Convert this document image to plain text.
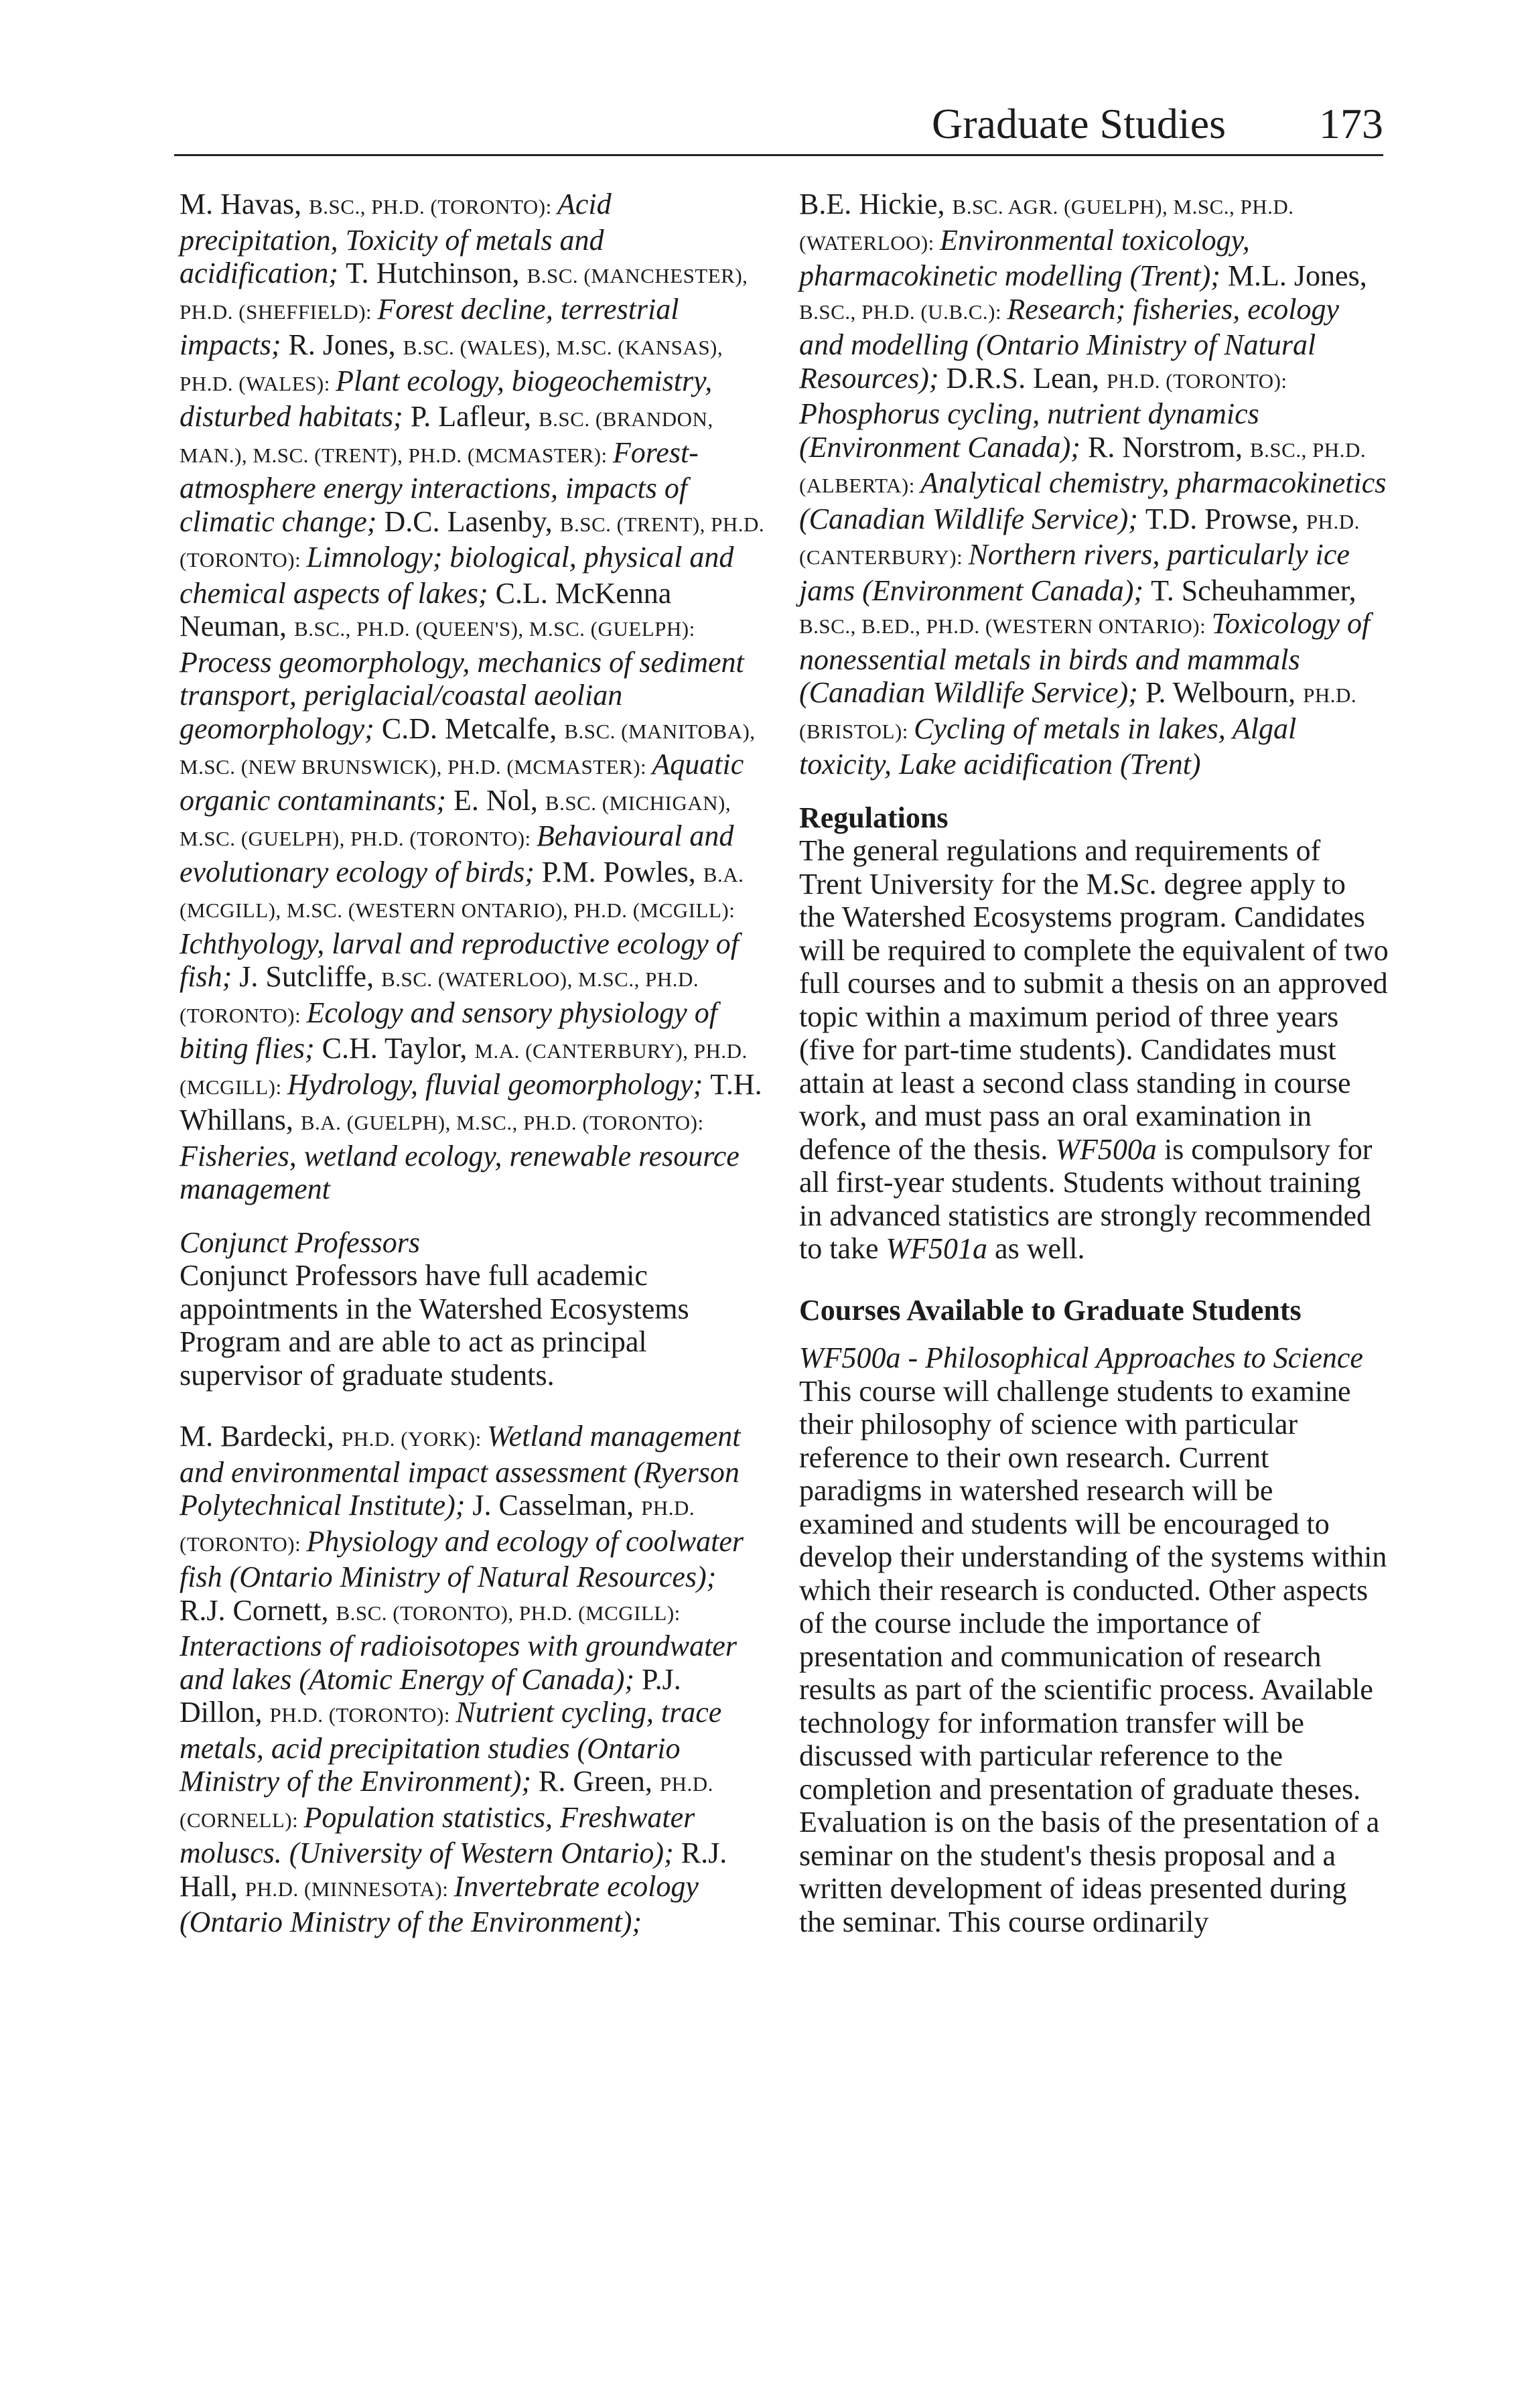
Graduate Studies 173

M. Havas, B.SC., PH.D. (TORONTO): Acid precipitation, Toxicity of metals and acidification; T. Hutchinson, B.SC. (MANCHESTER), PH.D. (SHEFFIELD): Forest decline, terrestrial impacts; R. Jones, B.SC. (WALES), M.SC. (KANSAS), PH.D. (WALES): Plant ecology, biogeochemistry, disturbed habitats; P. Lafleur, B.SC. (BRANDON, MAN.), M.SC. (TRENT), PH.D. (MCMASTER): Forest-atmosphere energy interactions, impacts of climatic change; D.C. Lasenby, B.SC. (TRENT), PH.D. (TORONTO): Limnology; biological, physical and chemical aspects of lakes; C.L. McKenna Neuman, B.SC., PH.D. (QUEEN'S), M.SC. (GUELPH): Process geomorphology, mechanics of sediment transport, periglacial/coastal aeolian geomorphology; C.D. Metcalfe, B.SC. (MANITOBA), M.SC. (NEW BRUNSWICK), PH.D. (MCMASTER): Aquatic organic contaminants; E. Nol, B.SC. (MICHIGAN), M.SC. (GUELPH), PH.D. (TORONTO): Behavioural and evolutionary ecology of birds; P.M. Powles, B.A. (MCGILL), M.SC. (WESTERN ONTARIO), PH.D. (MCGILL): Ichthyology, larval and reproductive ecology of fish; J. Sutcliffe, B.SC. (WATERLOO), M.SC., PH.D. (TORONTO): Ecology and sensory physiology of biting flies; C.H. Taylor, M.A. (CANTERBURY), PH.D. (MCGILL): Hydrology, fluvial geomorphology; T.H. Whillans, B.A. (GUELPH), M.SC., PH.D. (TORONTO): Fisheries, wetland ecology, renewable resource management

Conjunct Professors

Conjunct Professors have full academic appointments in the Watershed Ecosystems Program and are able to act as principal supervisor of graduate students.

M. Bardecki, PH.D. (YORK): Wetland management and environmental impact assessment (Ryerson Polytechnical Institute); J. Casselman, PH.D. (TORONTO): Physiology and ecology of coolwater fish (Ontario Ministry of Natural Resources); R.J. Cornett, B.SC. (TORONTO), PH.D. (MCGILL): Interactions of radioisotopes with groundwater and lakes (Atomic Energy of Canada); P.J. Dillon, PH.D. (TORONTO): Nutrient cycling, trace metals, acid precipitation studies (Ontario Ministry of the Environment); R. Green, PH.D. (CORNELL): Population statistics, Freshwater moluscs. (University of Western Ontario); R.J. Hall, PH.D. (MINNESOTA): Invertebrate ecology (Ontario Ministry of the Environment);

B.E. Hickie, B.SC. AGR. (GUELPH), M.SC., PH.D. (WATERLOO): Environmental toxicology, pharmacokinetic modelling (Trent); M.L. Jones, B.SC., PH.D. (U.B.C.): Research; fisheries, ecology and modelling (Ontario Ministry of Natural Resources); D.R.S. Lean, PH.D. (TORONTO): Phosphorus cycling, nutrient dynamics (Environment Canada); R. Norstrom, B.SC., PH.D. (ALBERTA): Analytical chemistry, pharmacokinetics (Canadian Wildlife Service); T.D. Prowse, PH.D. (CANTERBURY): Northern rivers, particularly ice jams (Environment Canada); T. Scheuhammer, B.SC., B.ED., PH.D. (WESTERN ONTARIO): Toxicology of nonessential metals in birds and mammals (Canadian Wildlife Service); P. Welbourn, PH.D. (BRISTOL): Cycling of metals in lakes, Algal toxicity, Lake acidification (Trent)

Regulations

The general regulations and requirements of Trent University for the M.Sc. degree apply to the Watershed Ecosystems program. Candidates will be required to complete the equivalent of two full courses and to submit a thesis on an approved topic within a maximum period of three years (five for part-time students). Candidates must attain at least a second class standing in course work, and must pass an oral examination in defence of the thesis. WF500a is compulsory for all first-year students. Students without training in advanced statistics are strongly recommended to take WF501a as well.

Courses Available to Graduate Students

WF500a - Philosophical Approaches to Science

This course will challenge students to examine their philosophy of science with particular reference to their own research. Current paradigms in watershed research will be examined and students will be encouraged to develop their understanding of the systems within which their research is conducted. Other aspects of the course include the importance of presentation and communication of research results as part of the scientific process. Available technology for information transfer will be discussed with particular reference to the completion and presentation of graduate theses. Evaluation is on the basis of the presentation of a seminar on the student's thesis proposal and a written development of ideas presented during the seminar. This course ordinarily
